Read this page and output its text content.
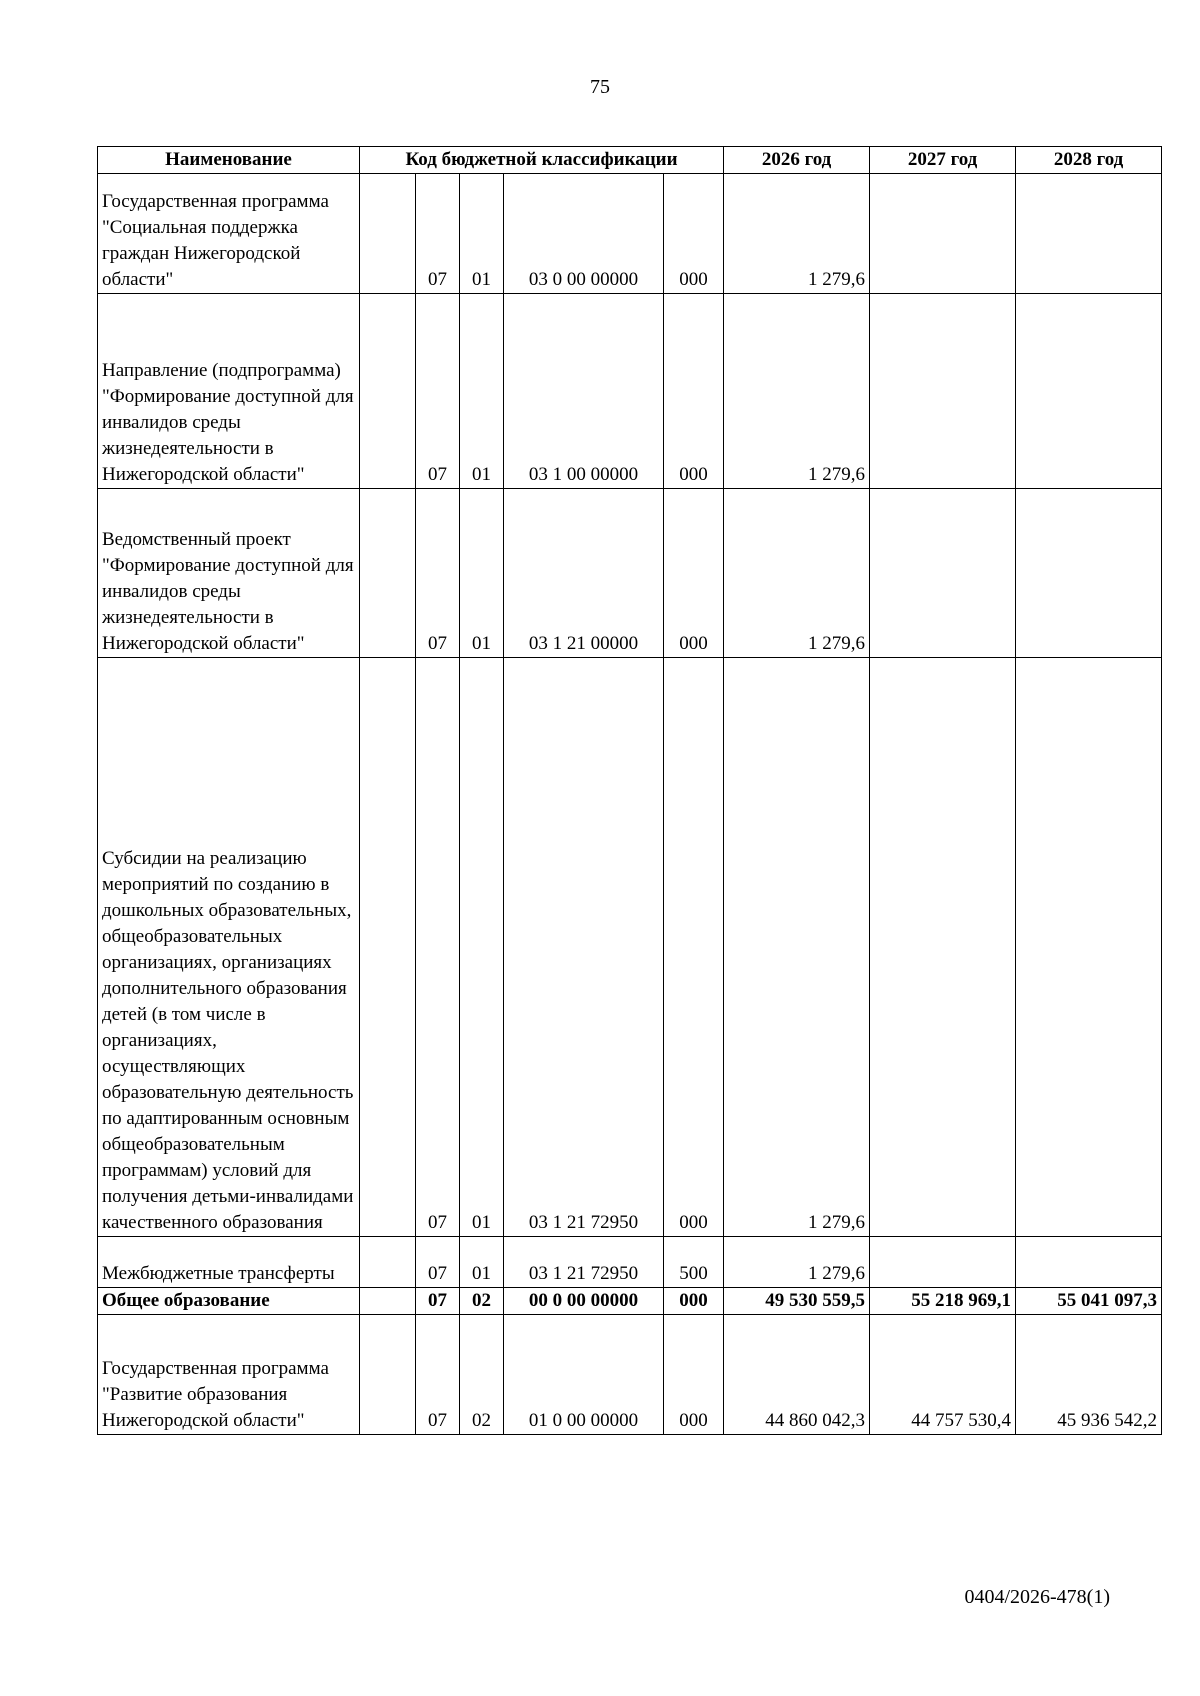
75
Наименование	Код бюджетной классификации					2026 год	2027 год	2028 год
Государственная программа "Социальная поддержка граждан Нижегородской области"		07	01	03 0 00 00000	000	1 279,6		
Направление (подпрограмма) "Формирование доступной для инвалидов среды жизнедеятельности в Нижегородской области"		07	01	03 1 00 00000	000	1 279,6		
Ведомственный проект "Формирование доступной для инвалидов среды жизнедеятельности в Нижегородской области"		07	01	03 1 21 00000	000	1 279,6		
Субсидии на реализацию мероприятий по созданию в дошкольных образовательных, общеобразовательных организациях, организациях дополнительного образования детей (в том числе в организациях, осуществляющих образовательную деятельность по адаптированным основным общеобразовательным программам) условий для получения детьми-инвалидами качественного образования		07	01	03 1 21 72950	000	1 279,6		
Межбюджетные трансферты		07	01	03 1 21 72950	500	1 279,6		
Общее образование		07	02	00 0 00 00000	000	49 530 559,5	55 218 969,1	55 041 097,3
Государственная программа "Развитие образования Нижегородской области"		07	02	01 0 00 00000	000	44 860 042,3	44 757 530,4	45 936 542,2
0404/2026-478(1)
